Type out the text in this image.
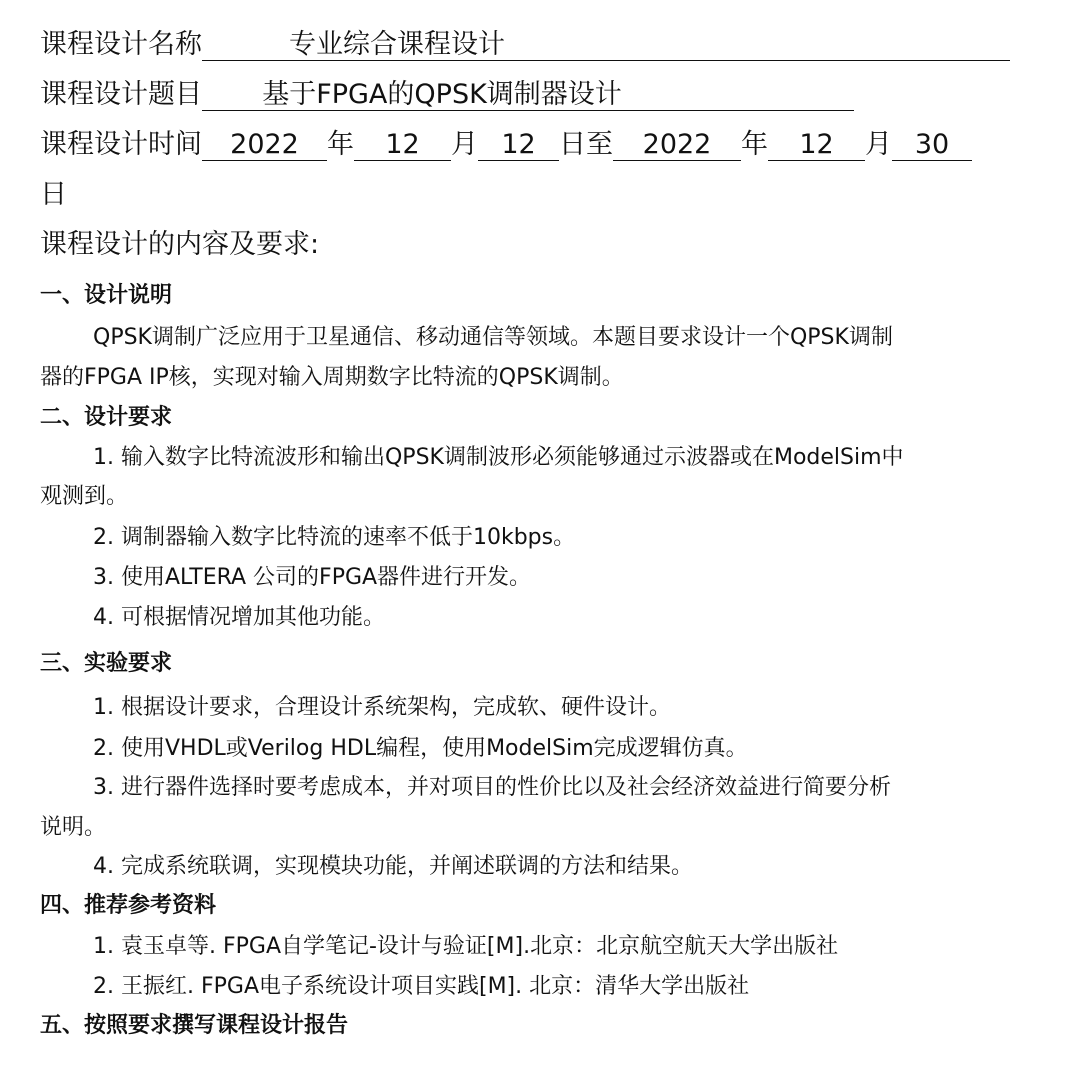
课程设计名称	专业综合课程设计
课程设计题目 基于FPGA的QPSK调制器设计
课程设计时间 2022 年 12 月 12 日至 2022 年 12 月 30
日
课程设计的内容及要求:
一、设计说明
QPSK调制广泛应用于卫星通信、移动通信等领域。本题目要求设计一个QPSK调制
器的FPGA IP核，实现对输入周期数字比特流的QPSK调制。
二、设计要求
1. 输入数字比特流波形和输出QPSK调制波形必须能够通过示波器或在ModelSim中
观测到。
2. 调制器输入数字比特流的速率不低于10kbps。
3. 使用ALTERA 公司的FPGA器件进行开发。
4. 可根据情况增加其他功能。
三、实验要求
1. 根据设计要求，合理设计系统架构，完成软、硬件设计。
2. 使用VHDL或Verilog HDL编程，使用ModelSim完成逻辑仿真。
3. 进行器件选择时要考虑成本，并对项目的性价比以及社会经济效益进行简要分析
说明。
4. 完成系统联调，实现模块功能，并阐述联调的方法和结果。
四、推荐参考资料
1. 袁玉卓等. FPGA自学笔记-设计与验证[M].北京：北京航空航天大学出版社
2. 王振红. FPGA电子系统设计项目实践[M]. 北京：清华大学出版社
五、按照要求撰写课程设计报告
